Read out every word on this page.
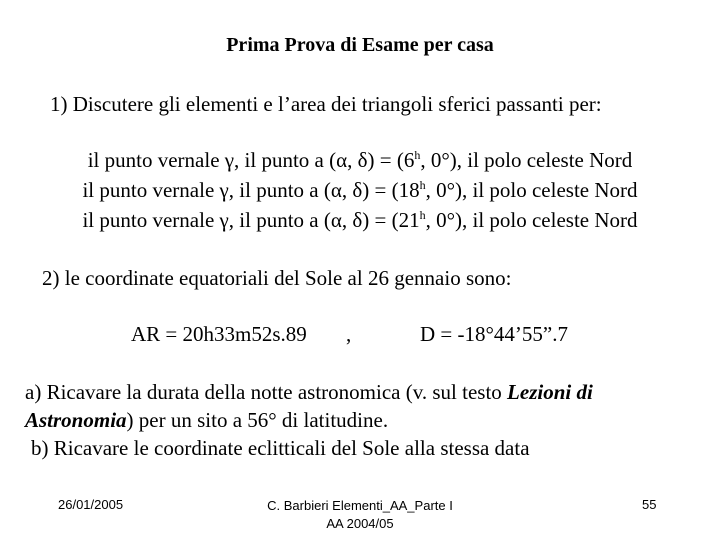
Prima Prova di Esame per casa
1) Discutere gli elementi e l’area dei triangoli sferici passanti per:
il punto vernale γ, il punto a (α, $\delta) = (6^h$, 0°), il polo celeste Nord
il punto vernale γ, il punto a (α, $\delta) = (18^h$, 0°), il polo celeste Nord
il punto vernale γ, il punto a (α, $\delta) = (21^h$, 0°), il polo celeste Nord
2) le coordinate equatoriali del Sole al 26 gennaio sono:
AR = 20h33m52s.89 ,	D = -18°44’55”.7
a) Ricavare la durata della notte astronomica (v. sul testo Lezioni di
Astronomia) per un sito a 56° di latitudine.
b) Ricavare le coordinate eclitticali del Sole alla stessa data
26/01/2005	C. Barbieri Elementi_AA_Parte I
AA 2004/05
55
